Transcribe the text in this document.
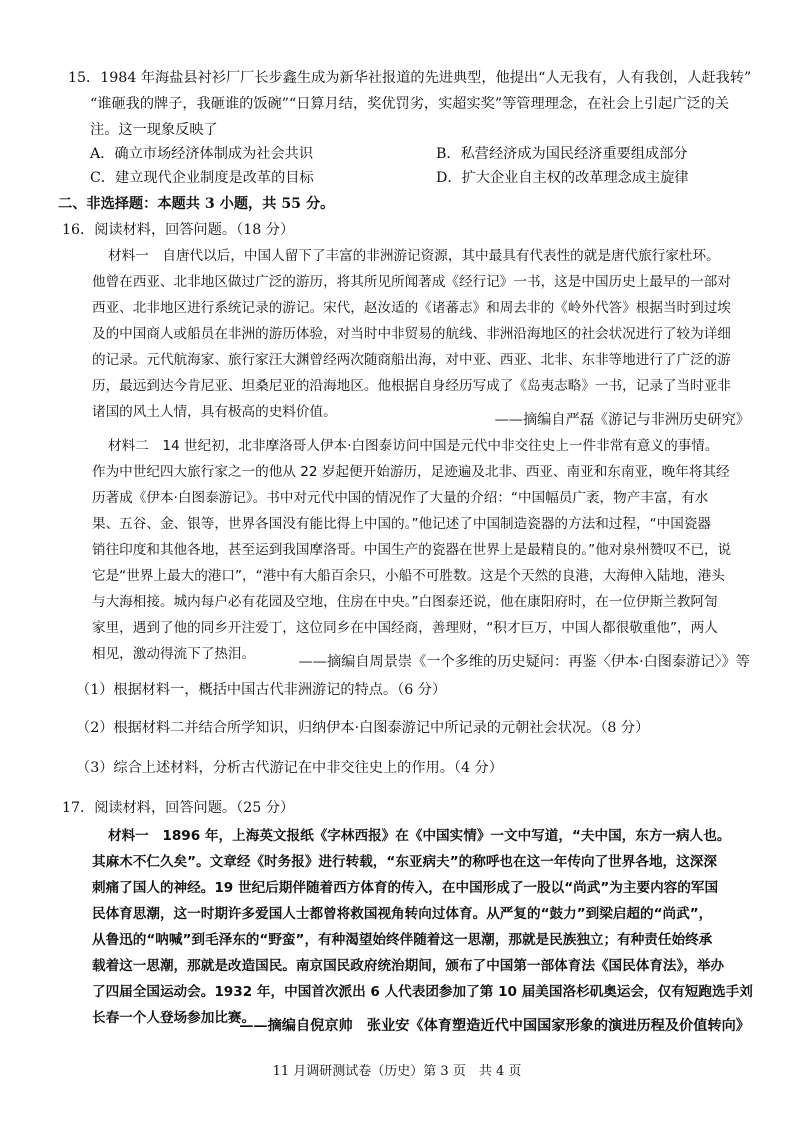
15．1984 年海盐县衬衫厂厂长步鑫生成为新华社报道的先进典型，他提出“人无我有，人有我创，人赶我转”
“谁砸我的牌子，我砸谁的饭碗”“日算月结，奖优罚劣，实超实奖”等管理理念，在社会上引起广泛的关
注。这一现象反映了
A．确立市场经济体制成为社会共识	B．私营经济成为国民经济重要组成部分
C．建立现代企业制度是改革的目标	D．扩大企业自主权的改革理念成主旋律
二、非选择题：本题共 3 小题，共 55 分。
16．阅读材料，回答问题。（18 分）
材料一　自唐代以后，中国人留下了丰富的非洲游记资源，其中最具有代表性的就是唐代旅行家杜环。
他曾在西亚、北非地区做过广泛的游历，将其所见所闻著成《经行记》一书，这是中国历史上最早的一部对
西亚、北非地区进行系统记录的游记。宋代，赵汝适的《诸蕃志》和周去非的《岭外代答》根据当时到过埃
及的中国商人或船员在非洲的游历体验，对当时中非贸易的航线、非洲沿海地区的社会状况进行了较为详细
的记录。元代航海家、旅行家汪大渊曾经两次随商船出海，对中亚、西亚、北非、东非等地进行了广泛的游
历，最远到达今肯尼亚、坦桑尼亚的沿海地区。他根据自身经历写成了《岛夷志略》一书，记录了当时亚非
诸国的风土人情，具有极高的史料价值。	——摘编自严磊《游记与非洲历史研究》
材料二　14 世纪初，北非摩洛哥人伊本·白图泰访问中国是元代中非交往史上一件非常有意义的事情。
作为中世纪四大旅行家之一的他从 22 岁起便开始游历，足迹遍及北非、西亚、南亚和东南亚，晚年将其经
历著成《伊本·白图泰游记》。书中对元代中国的情况作了大量的介绍：“中国幅员广袤，物产丰富，有水
果、五谷、金、银等，世界各国没有能比得上中国的。”他记述了中国制造瓷器的方法和过程，“中国瓷器
销往印度和其他各地，甚至运到我国摩洛哥。中国生产的瓷器在世界上是最精良的。”他对泉州赞叹不已，说
它是“世界上最大的港口”，“港中有大船百余只，小船不可胜数。这是个天然的良港，大海伸入陆地，港头
与大海相接。城内每户必有花园及空地，住房在中央。”白图泰还说，他在康阳府时，在一位伊斯兰教阿訇
家里，遇到了他的同乡开注爱丁，这位同乡在中国经商，善理财，“积才巨万，中国人都很敬重他”，两人
相见，激动得流下了热泪。	——摘编自周景崇《一个多维的历史疑问：再鉴〈伊本·白图泰游记〉》等
（1）根据材料一，概括中国古代非洲游记的特点。（6 分）
（2）根据材料二并结合所学知识，归纳伊本·白图泰游记中所记录的元朝社会状况。（8 分）
（3）综合上述材料，分析古代游记在中非交往史上的作用。（4 分）
17．阅读材料，回答问题。（25 分）
材料一　1896 年，上海英文报纸《字林西报》在《中国实情》一文中写道，“夫中国，东方一病人也。
其麻木不仁久矣”。文章经《时务报》进行转载，“东亚病夫”的称呼也在这一年传向了世界各地，这深深
刺痛了国人的神经。19 世纪后期伴随着西方体育的传入，在中国形成了一股以“尚武”为主要内容的军国
民体育思潮，这一时期许多爱国人士都曾将救国视角转向过体育。从严复的“鼓力”到梁启超的“尚武”，
从鲁迅的“呐喊”到毛泽东的“野蛮”，有种渴望始终伴随着这一思潮，那就是民族独立；有种责任始终承
载着这一思潮，那就是改造国民。南京国民政府统治期间，颁布了中国第一部体育法《国民体育法》，举办
了四届全国运动会。1932 年，中国首次派出 6 人代表团参加了第 10 届美国洛杉矶奥运会，仅有短跑选手刘
长春一个人登场参加比赛。
——摘编自倪京帅　张业安《体育塑造近代中国国家形象的演进历程及价值转向》
11 月调研测试卷（历史）第 3 页　共 4 页
